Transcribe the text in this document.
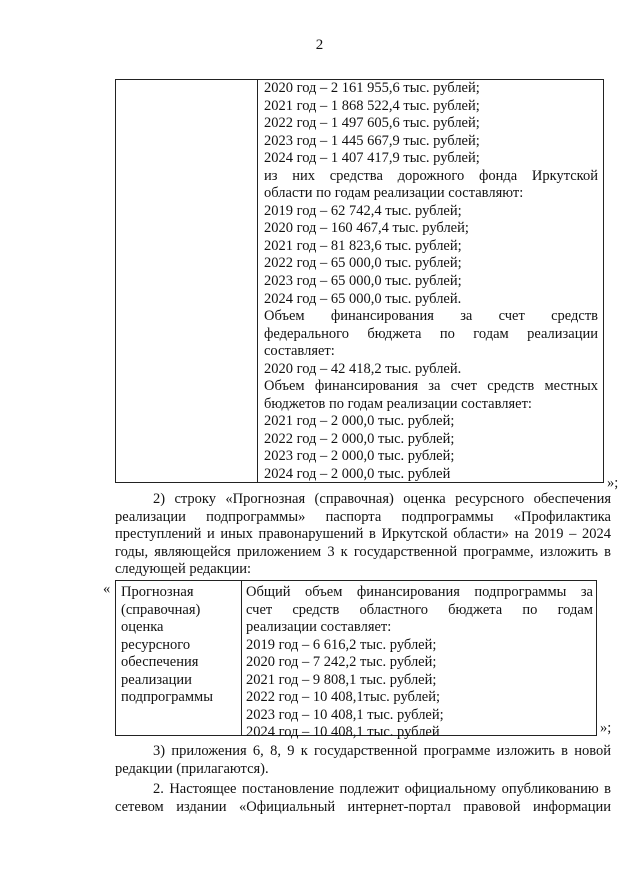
2
2020 год – 2 161 955,6 тыс. рублей;
2021 год – 1 868 522,4 тыс. рублей;
2022 год – 1 497 605,6 тыс. рублей;
2023 год – 1 445 667,9 тыс. рублей;
2024 год – 1 407 417,9 тыс. рублей;
из них средства дорожного фонда Иркутской
области по годам реализации составляют:
2019 год – 62 742,4 тыс. рублей;
2020 год – 160 467,4 тыс. рублей;
2021 год – 81 823,6 тыс. рублей;
2022 год – 65 000,0 тыс. рублей;
2023 год – 65 000,0 тыс. рублей;
2024 год – 65 000,0 тыс. рублей.
Объем финансирования за счет средств
федерального бюджета по годам реализации
составляет:
2020 год – 42 418,2 тыс. рублей.
Объем финансирования за счет средств местных
бюджетов по годам реализации составляет:
2021 год – 2 000,0 тыс. рублей;
2022 год – 2 000,0 тыс. рублей;
2023 год – 2 000,0 тыс. рублей;
2024 год – 2 000,0 тыс. рублей
»;
2) строку «Прогнозная (справочная) оценка ресурсного обеспечения
реализации подпрограммы» паспорта подпрограммы «Профилактика
преступлений и иных правонарушений в Иркутской области» на 2019 – 2024
годы, являющейся приложением 3 к государственной программе, изложить в
следующей редакции:
« Прогнозная
(справочная)
оценка
ресурсного
обеспечения
реализации
подпрограммы
Общий объем финансирования подпрограммы за
счет средств областного бюджета по годам
реализации составляет:
2019 год – 6 616,2 тыс. рублей;
2020 год – 7 242,2 тыс. рублей;
2021 год – 9 808,1 тыс. рублей;
2022 год – 10 408,1тыс. рублей;
2023 год – 10 408,1 тыс. рублей;
2024 год – 10 408,1 тыс. рублей	»;
3) приложения 6, 8, 9 к государственной программе изложить в новой
редакции (прилагаются).
2. Настоящее постановление подлежит официальному опубликованию в
сетевом издании «Официальный интернет-портал правовой информации
